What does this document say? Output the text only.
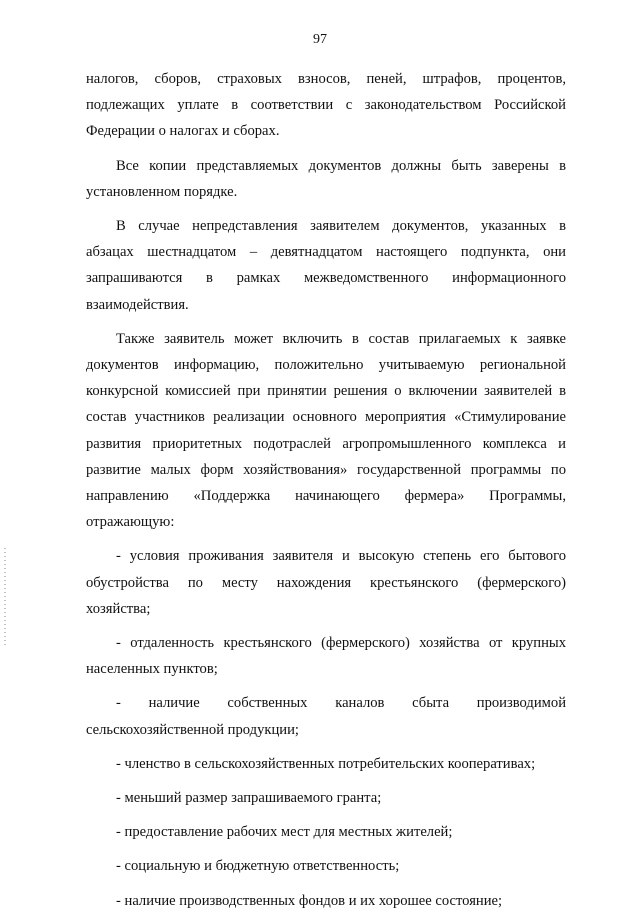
97

налогов, сборов, страховых взносов, пеней, штрафов, процентов,
подлежащих уплате в соответствии с законодательством Российской
Федерации о налогах и сборах.

Все копии представляемых документов должны быть заверены в
установленном порядке.

В случае непредставления заявителем документов, указанных в
абзацах шестнадцатом – девятнадцатом настоящего подпункта, они
запрашиваются в рамках межведомственного информационного
взаимодействия.

Также заявитель может включить в состав прилагаемых к заявке
документов информацию, положительно учитываемую региональной
конкурсной комиссией при принятии решения о включении заявителей в
состав участников реализации основного мероприятия «Стимулирование
развития приоритетных подотраслей агропромышленного комплекса и
развитие малых форм хозяйствования» государственной программы по
направлению «Поддержка начинающего фермера» Программы,
отражающую:

- условия проживания заявителя и высокую степень его бытового
обустройства по месту нахождения крестьянского (фермерского)
хозяйства;

- отдаленность крестьянского (фермерского) хозяйства от крупных
населенных пунктов;

- наличие собственных каналов сбыта производимой
сельскохозяйственной продукции;

- членство в сельскохозяйственных потребительских кооперативах;

- меньший размер запрашиваемого гранта;

- предоставление рабочих мест для местных жителей;

- социальную и бюджетную ответственность;

- наличие производственных фондов и их хорошее состояние;
